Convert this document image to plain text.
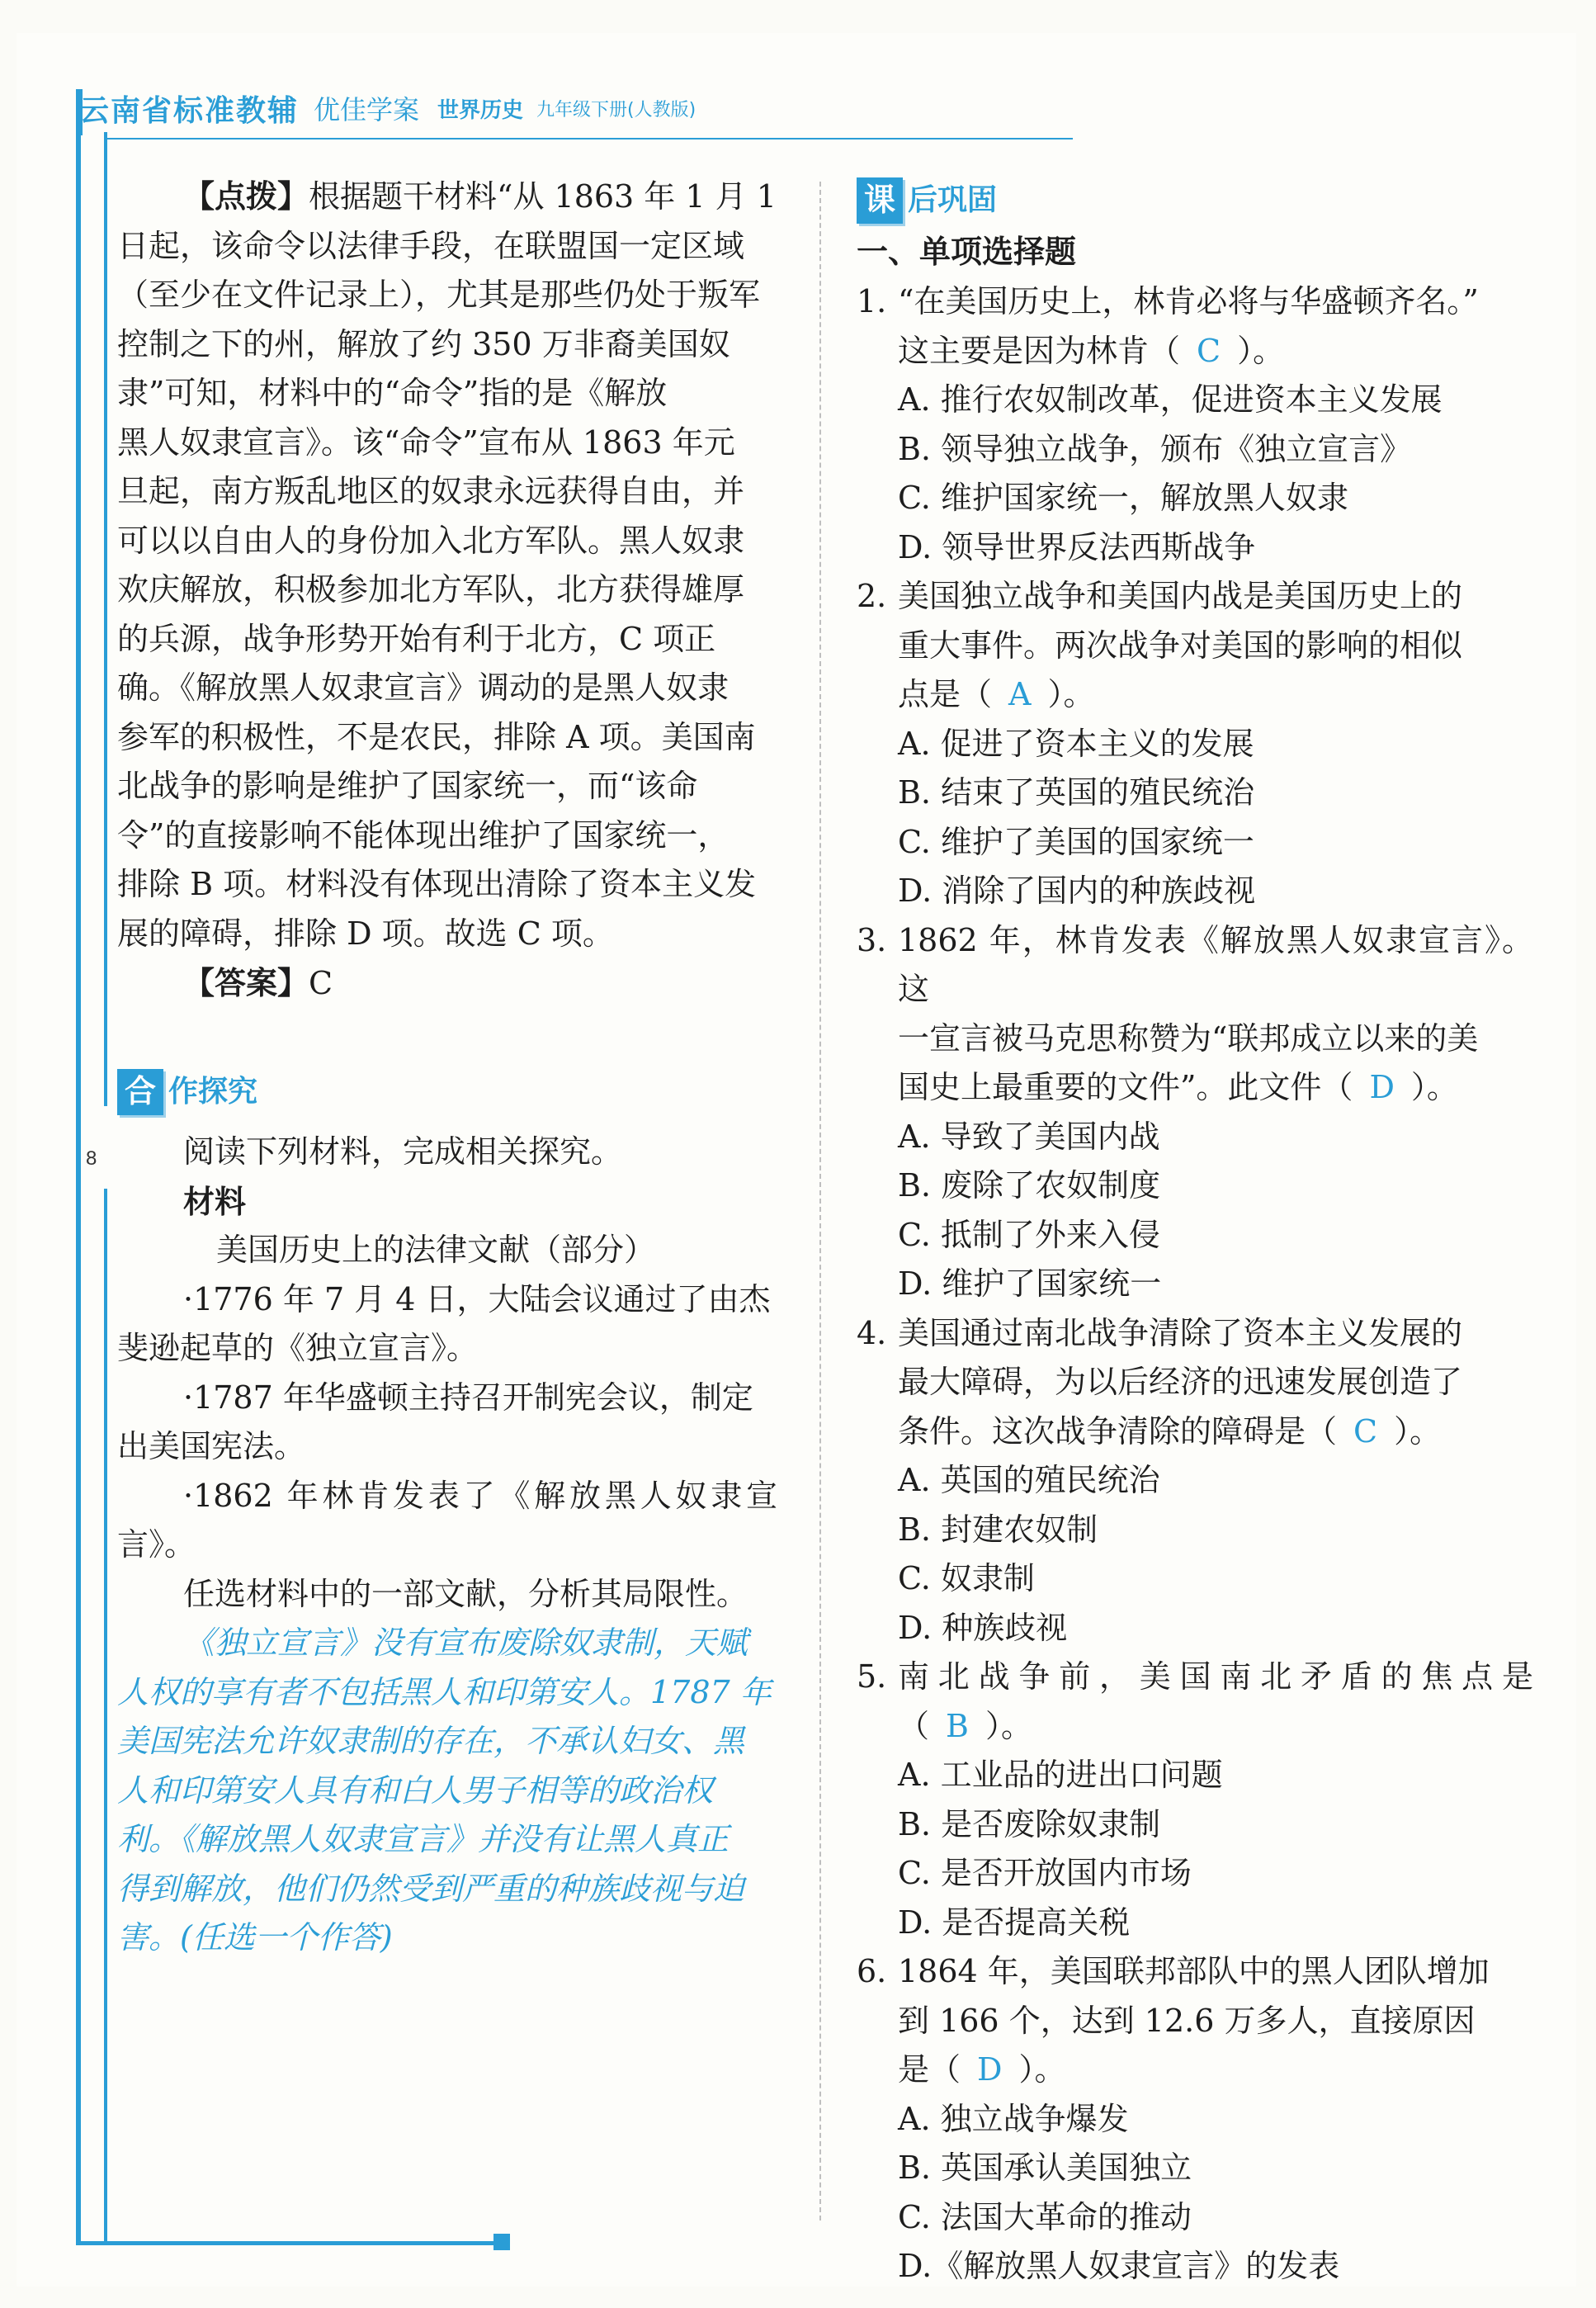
云南省标准教辅 优佳学案 世界历史 九年级下册(人教版)
8

【点拨】根据题干材料“从 1863 年 1 月 1

日起，该命令以法律手段，在联盟国一定区域

（至少在文件记录上），尤其是那些仍处于叛军

控制之下的州，解放了约 350 万非裔美国奴

隶”可知，材料中的“命令”指的是《解放

黑人奴隶宣言》。该“命令”宣布从 1863 年元

旦起，南方叛乱地区的奴隶永远获得自由，并

可以以自由人的身份加入北方军队。黑人奴隶

欢庆解放，积极参加北方军队，北方获得雄厚

的兵源，战争形势开始有利于北方，C 项正

确。《解放黑人奴隶宣言》调动的是黑人奴隶

参军的积极性，不是农民，排除 A 项。美国南

北战争的影响是维护了国家统一，而“该命

令”的直接影响不能体现出维护了国家统一，

排除 B 项。材料没有体现出清除了资本主义发

展的障碍，排除 D 项。故选 C 项。

【答案】C

合 作探究

阅读下列材料，完成相关探究。

材料

美国历史上的法律文献（部分）

·1776 年 7 月 4 日，大陆会议通过了由杰

斐逊起草的《独立宣言》。

·1787 年华盛顿主持召开制宪会议，制定

出美国宪法。

·1862 年林肯发表了《解放黑人奴隶宣言》。

任选材料中的一部文献，分析其局限性。

《独立宣言》没有宣布废除奴隶制，天赋

人权的享有者不包括黑人和印第安人。1787 年

美国宪法允许奴隶制的存在，不承认妇女、黑

人和印第安人具有和白人男子相等的政治权

利。《解放黑人奴隶宣言》并没有让黑人真正

得到解放，他们仍然受到严重的种族歧视与迫

害。(任选一个作答)

课 后巩固
一、单项选择题
1. “在美国历史上，林肯必将与华盛顿齐名。”
这主要是因为林肯（ C ）。
A. 推行农奴制改革，促进资本主义发展
B. 领导独立战争，颁布《独立宣言》
C. 维护国家统一，解放黑人奴隶
D. 领导世界反法西斯战争
2. 美国独立战争和美国内战是美国历史上的
重大事件。两次战争对美国的影响的相似
点是（ A ）。
A. 促进了资本主义的发展
B. 结束了英国的殖民统治
C. 维护了美国的国家统一
D. 消除了国内的种族歧视
3. 1862 年，林肯发表《解放黑人奴隶宣言》。这
一宣言被马克思称赞为“联邦成立以来的美
国史上最重要的文件”。此文件（ D ）。
A. 导致了美国内战
B. 废除了农奴制度
C. 抵制了外来入侵
D. 维护了国家统一
4. 美国通过南北战争清除了资本主义发展的
最大障碍，为以后经济的迅速发展创造了
条件。这次战争清除的障碍是（ C ）。
A. 英国的殖民统治
B. 封建农奴制
C. 奴隶制
D. 种族歧视
5. 南北战争前，美国南北矛盾的焦点是（ B ）。
A. 工业品的进出口问题
B. 是否废除奴隶制
C. 是否开放国内市场
D. 是否提高关税
6. 1864 年，美国联邦部队中的黑人团队增加
到 166 个，达到 12.6 万多人，直接原因
是（ D ）。
A. 独立战争爆发
B. 英国承认美国独立
C. 法国大革命的推动
D.《解放黑人奴隶宣言》的发表
